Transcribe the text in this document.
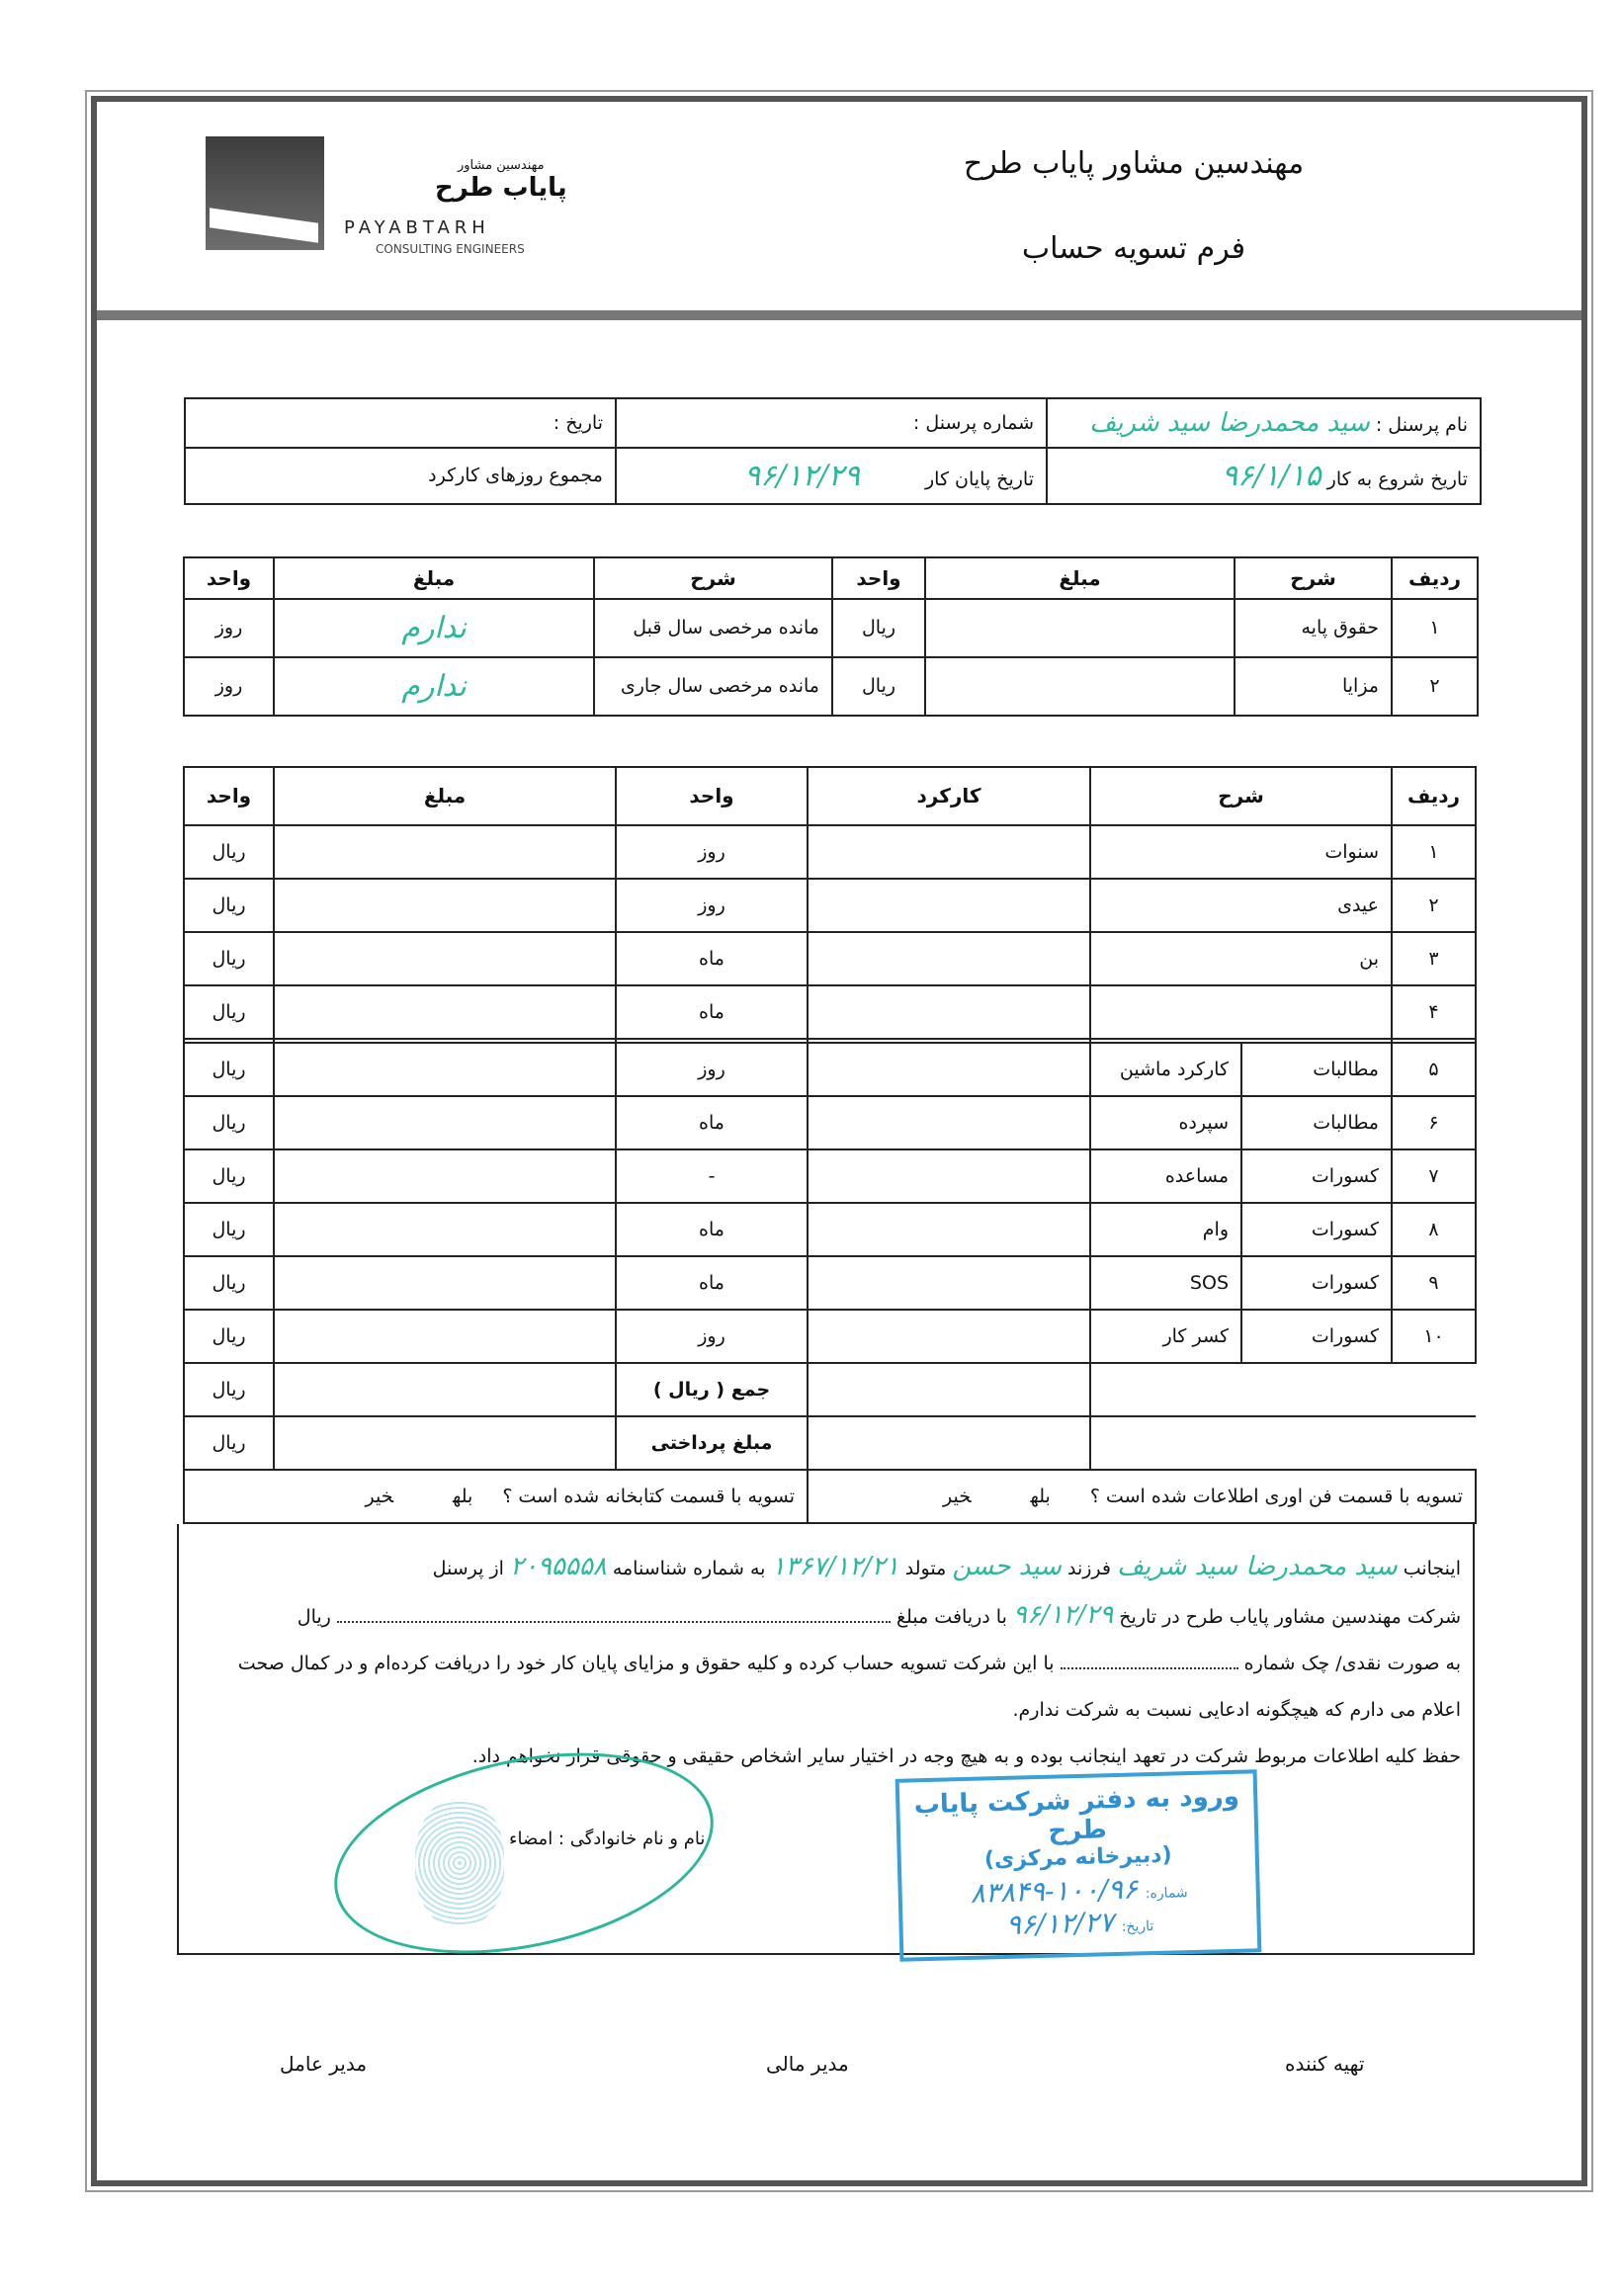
مهندسین مشاور
پایاب طرح
PAYABTARH
CONSULTING ENGINEERS
مهندسین مشاور پایاب طرح
فرم تسویه حساب
نام پرسنل : سید محمدرضا سید شریف	شماره پرسنل :	تاریخ :
تاریخ شروع به کار ۹۶/۱/۱۵	تاریخ پایان کار ۹۶/۱۲/۲۹	مجموع روزهای کارکرد
ردیف	شرح	مبلغ	واحد	شرح	مبلغ	واحد
۱	حقوق پایه		ریال	مانده مرخصی سال قبل	ندارم	روز
۲	مزایا		ریال	مانده مرخصی سال جاری	ندارم	روز
ردیف	شرح		کارکرد	واحد	مبلغ	واحد
۱	سنوات			روز		ریال
۲	عیدی			روز		ریال
۳	بن			ماه		ریال
۴				ماه		ریال

۵	مطالبات	کارکرد ماشین		روز		ریال
۶	مطالبات	سپرده		ماه		ریال
۷	کسورات	مساعده		-		ریال
۸	کسورات	وام		ماه		ریال
۹	کسورات	SOS		ماه		ریال
۱۰	کسورات	کسر کار		روز		ریال
				جمع ( ریال )		ریال
				مبلغ پرداختی		ریال
تسویه با قسمت فن اوری اطلاعات شده است ؟بلهخیر				تسویه با قسمت کتابخانه شده است ؟بلهخیر		
اینجانب سید محمدرضا سید شریف فرزند سید حسن متولد ۱۳۶۷/۱۲/۲۱ به شماره شناسنامه ۲۰۹۵۵۵۸ از پرسنل
شرکت مهندسین مشاور پایاب طرح در تاریخ ۹۶/۱۲/۲۹ با دریافت مبلغ  ریال
به صورت نقدی/ چک شماره  با این شرکت تسویه حساب کرده و کلیه حقوق و مزایای پایان کار خود را دریافت کرده‌ام و در کمال صحت
اعلام می دارم که هیچگونه ادعایی نسبت به شرکت ندارم.
حفظ کلیه اطلاعات مربوط شرکت در تعهد اینجانب بوده و به هیچ وجه در اختیار سایر اشخاص حقیقی و حقوقی قرار نخواهم داد.
نام و نام خانوادگی : امضاء
ورود به دفتر شرکت پایاب طرح
(دبیرخانه مرکزی)
شماره: ۱۰۰/۹۶-۸۳۸۴۹
تاریخ: ۹۶/۱۲/۲۷
تهیه کننده
مدیر مالی
مدیر عامل
